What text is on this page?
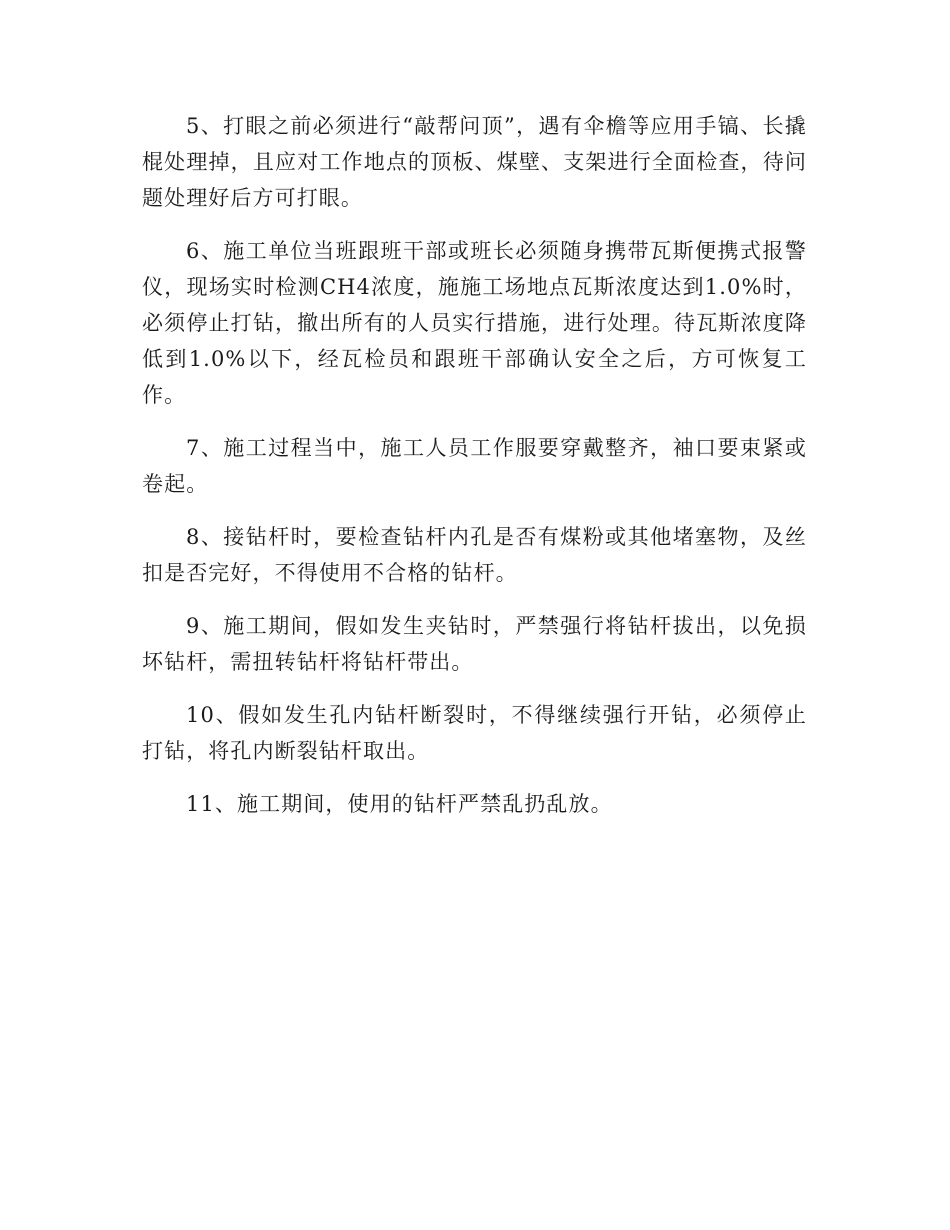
5、打眼之前必须进行“敲帮问顶”，遇有伞檐等应用手镐、长撬棍处理掉，且应对工作地点的顶板、煤壁、支架进行全面检查，待问题处理好后方可打眼。

6、施工单位当班跟班干部或班长必须随身携带瓦斯便携式报警仪，现场实时检测CH4浓度，施施工场地点瓦斯浓度达到1.0%时，必须停止打钻，撤出所有的人员实行措施，进行处理。待瓦斯浓度降低到1.0%以下，经瓦检员和跟班干部确认安全之后，方可恢复工作。

7、施工过程当中，施工人员工作服要穿戴整齐，袖口要束紧或卷起。

8、接钻杆时，要检查钻杆内孔是否有煤粉或其他堵塞物，及丝扣是否完好，不得使用不合格的钻杆。

9、施工期间，假如发生夹钻时，严禁强行将钻杆拔出，以免损坏钻杆，需扭转钻杆将钻杆带出。

10、假如发生孔内钻杆断裂时，不得继续强行开钻，必须停止打钻，将孔内断裂钻杆取出。

11、施工期间，使用的钻杆严禁乱扔乱放。
